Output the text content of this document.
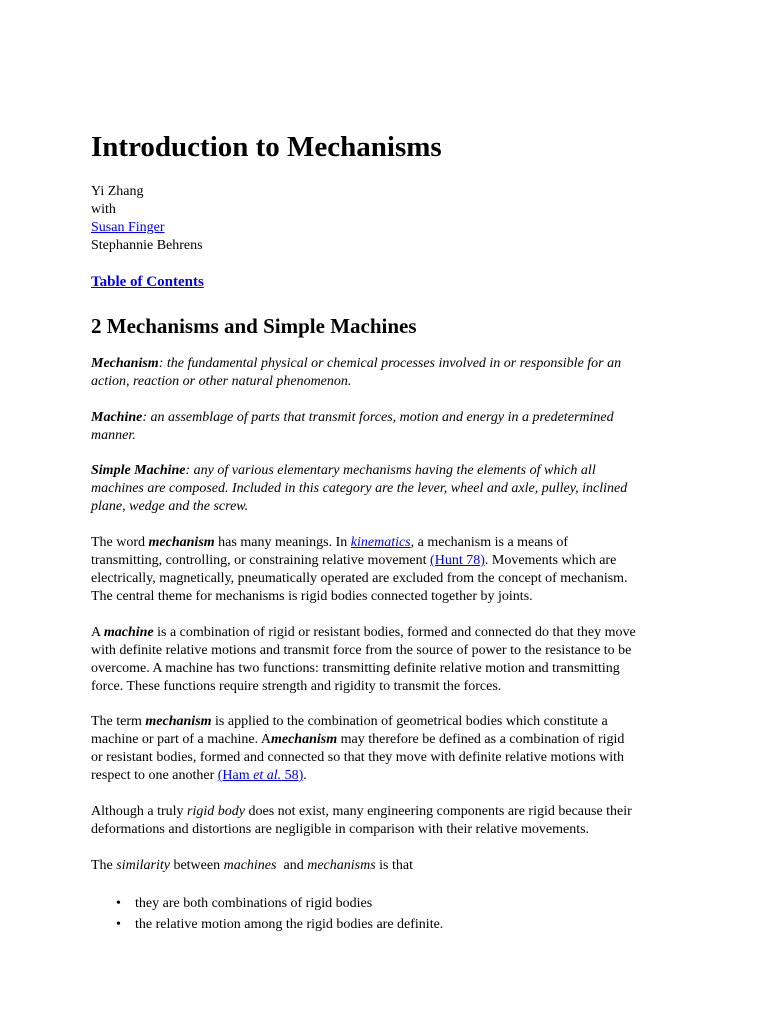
Introduction to Mechanisms
Yi Zhang
with
Susan Finger
Stephannie Behrens
Table of Contents
2 Mechanisms and Simple Machines
Mechanism: the fundamental physical or chemical processes involved in or responsible for an
action, reaction or other natural phenomenon.
Machine: an assemblage of parts that transmit forces, motion and energy in a predetermined
manner.
Simple Machine: any of various elementary mechanisms having the elements of which all
machines are composed. Included in this category are the lever, wheel and axle, pulley, inclined
plane, wedge and the screw.
The word mechanism has many meanings. In kinematics, a mechanism is a means of
transmitting, controlling, or constraining relative movement (Hunt 78). Movements which are
electrically, magnetically, pneumatically operated are excluded from the concept of mechanism.
The central theme for mechanisms is rigid bodies connected together by joints.
A machine is a combination of rigid or resistant bodies, formed and connected do that they move
with definite relative motions and transmit force from the source of power to the resistance to be
overcome. A machine has two functions: transmitting definite relative motion and transmitting
force. These functions require strength and rigidity to transmit the forces.
The term mechanism is applied to the combination of geometrical bodies which constitute a
machine or part of a machine. Amechanism may therefore be defined as a combination of rigid
or resistant bodies, formed and connected so that they move with definite relative motions with
respect to one another (Ham et al. 58).
Although a truly rigid body does not exist, many engineering components are rigid because their
deformations and distortions are negligible in comparison with their relative movements.
The similarity between machines  and mechanisms is that
• they are both combinations of rigid bodies
• the relative motion among the rigid bodies are definite.
